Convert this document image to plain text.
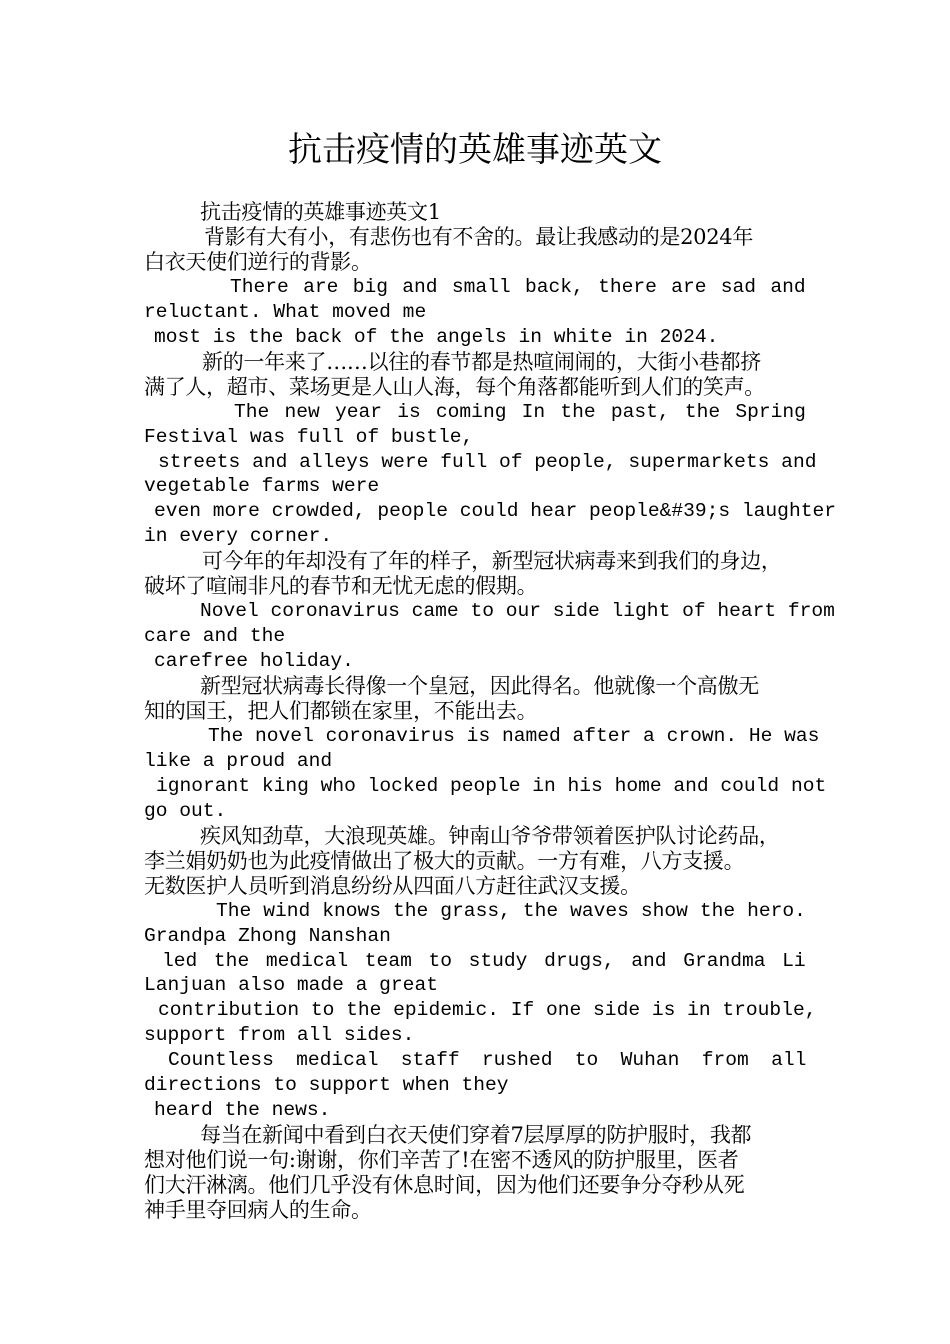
抗击疫情的英雄事迹英文
抗击疫情的英雄事迹英文1
背影有大有小，有悲伤也有不舍的。最让我感动的是2024年
白衣天使们逆行的背影。
There are big and small back, there are sad and
reluctant. What moved me
most is the back of the angels in white in 2024.
新的一年来了……以往的春节都是热喧闹闹的，大街小巷都挤
满了人，超市、菜场更是人山人海，每个角落都能听到人们的笑声。
The new year is coming In the past, the Spring
Festival was full of bustle,
streets and alleys were full of people, supermarkets and
vegetable farms were
even more crowded, people could hear people&#39;s laughter
in every corner.
可今年的年却没有了年的样子，新型冠状病毒来到我们的身边，
破坏了喧闹非凡的春节和无忧无虑的假期。
Novel coronavirus came to our side light of heart from
care and the
carefree holiday.
新型冠状病毒长得像一个皇冠，因此得名。他就像一个高傲无
知的国王，把人们都锁在家里，不能出去。
The novel coronavirus is named after a crown. He was
like a proud and
ignorant king who locked people in his home and could not
go out.
疾风知劲草，大浪现英雄。钟南山爷爷带领着医护队讨论药品，
李兰娟奶奶也为此疫情做出了极大的贡献。一方有难，八方支援。
无数医护人员听到消息纷纷从四面八方赶往武汉支援。
The wind knows the grass, the waves show the hero.
Grandpa Zhong Nanshan
led the medical team to study drugs, and Grandma Li
Lanjuan also made a great
contribution to the epidemic. If one side is in trouble,
support from all sides.
Countless medical staff rushed to Wuhan from all
directions to support when they
heard the news.
每当在新闻中看到白衣天使们穿着7层厚厚的防护服时，我都
想对他们说一句:谢谢，你们辛苦了!在密不透风的防护服里，医者
们大汗淋漓。他们几乎没有休息时间，因为他们还要争分夺秒从死
神手里夺回病人的生命。
